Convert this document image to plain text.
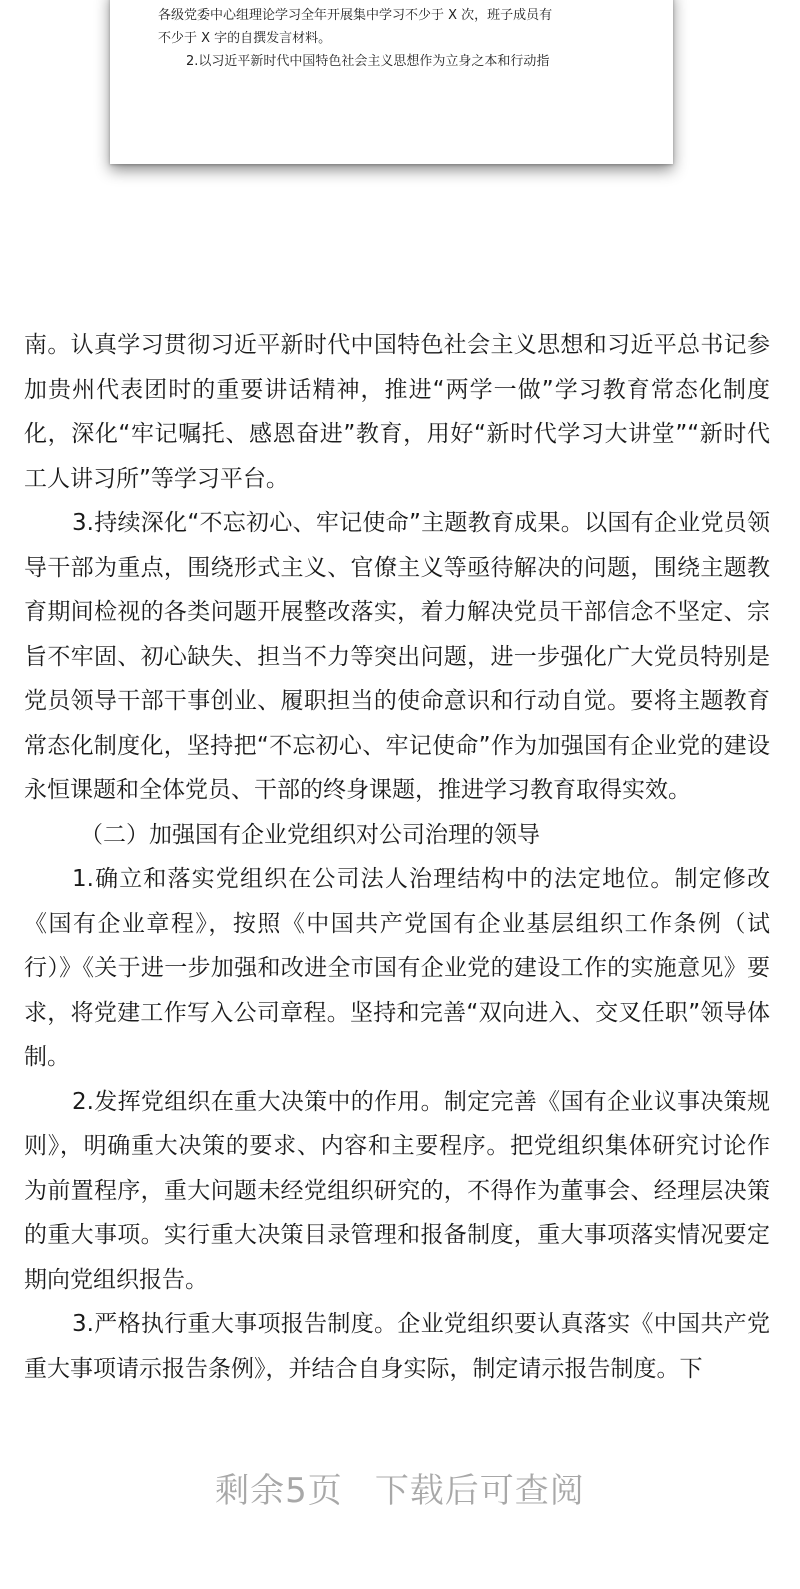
各级党委中心组理论学习全年开展集中学习不少于 X 次，班子成员有

不少于 X 字的自撰发言材料。

2.以习近平新时代中国特色社会主义思想作为立身之本和行动指

南。认真学习贯彻习近平新时代中国特色社会主义思想和习近平总书记参加贵州代表团时的重要讲话精神，推进“两学一做”学习教育常态化制度化，深化“牢记嘱托、感恩奋进”教育，用好“新时代学习大讲堂”“新时代工人讲习所”等学习平台。

3.持续深化“不忘初心、牢记使命”主题教育成果。以国有企业党员领导干部为重点，围绕形式主义、官僚主义等亟待解决的问题，围绕主题教育期间检视的各类问题开展整改落实，着力解决党员干部信念不坚定、宗旨不牢固、初心缺失、担当不力等突出问题，进一步强化广大党员特别是党员领导干部干事创业、履职担当的使命意识和行动自觉。要将主题教育常态化制度化，坚持把“不忘初心、牢记使命”作为加强国有企业党的建设永恒课题和全体党员、干部的终身课题，推进学习教育取得实效。

（二）加强国有企业党组织对公司治理的领导

1.确立和落实党组织在公司法人治理结构中的法定地位。制定修改《国有企业章程》，按照《中国共产党国有企业基层组织工作条例（试行）》《关于进一步加强和改进全市国有企业党的建设工作的实施意见》要求，将党建工作写入公司章程。坚持和完善“双向进入、交叉任职”领导体制。

2.发挥党组织在重大决策中的作用。制定完善《国有企业议事决策规则》，明确重大决策的要求、内容和主要程序。把党组织集体研究讨论作为前置程序，重大问题未经党组织研究的，不得作为董事会、经理层决策的重大事项。实行重大决策目录管理和报备制度，重大事项落实情况要定期向党组织报告。

3.严格执行重大事项报告制度。企业党组织要认真落实《中国共产党重大事项请示报告条例》，并结合自身实际，制定请示报告制度。下

剩余5页 下载后可查阅
